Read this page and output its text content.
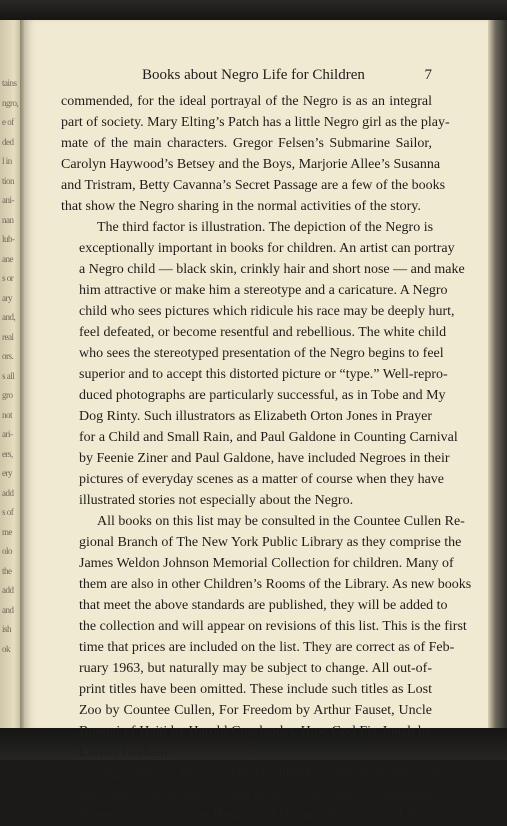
tains
ngro,
e of
ded
l in
tion
ani-
nan
lub-
ane
s or
ary
and,
real
ors.
s all
gro
not
ari-
ers,
ery
add
s of
me
olo
the
add
and
ish
ok
Books about Negro Life for Children	7

commended, for the ideal portrayal of the Negro is as an integral
part of society. Mary Elting’s Patch has a little Negro girl as the play-
mate of the main characters. Gregor Felsen’s Submarine Sailor,
Carolyn Haywood’s Betsey and the Boys, Marjorie Allee’s Susanna
and Tristram, Betty Cavanna’s Secret Passage are a few of the books
that show the Negro sharing in the normal activities of the story.

The third factor is illustration. The depiction of the Negro is
exceptionally important in books for children. An artist can portray
a Negro child — black skin, crinkly hair and short nose — and make
him attractive or make him a stereotype and a caricature. A Negro
child who sees pictures which ridicule his race may be deeply hurt,
feel defeated, or become resentful and rebellious. The white child
who sees the stereotyped presentation of the Negro begins to feel
superior and to accept this distorted picture or “type.” Well-repro-
duced photographs are particularly successful, as in Tobe and My
Dog Rinty. Such illustrators as Elizabeth Orton Jones in Prayer
for a Child and Small Rain, and Paul Galdone in Counting Carnival
by Feenie Ziner and Paul Galdone, have included Negroes in their
pictures of everyday scenes as a matter of course when they have
illustrated stories not especially about the Negro.

All books on this list may be consulted in the Countee Cullen Re-
gional Branch of The New York Public Library as they comprise the
James Weldon Johnson Memorial Collection for children. Many of
them are also in other Children’s Rooms of the Library. As new books
that meet the above standards are published, they will be added to
the collection and will appear on revisions of this list. This is the first
time that prices are included on the list. They are correct as of Feb-
ruary 1963, but naturally may be subject to change. All out-of-
print titles have been omitted. These include such titles as Lost
Zoo by Countee Cullen, For Freedom by Arthur Fauset, Uncle
Bouqui of Haiti by Harold Courlander, How God Fix Jonah by
Lorenz Graham.

Negro authors have not been included, except in the poetry sec-
tion, unless the subject of their books is the Negro. Consequently,
Bontemp’s Fast Sooner Hound and Hughes’ First Book of Rhythms
